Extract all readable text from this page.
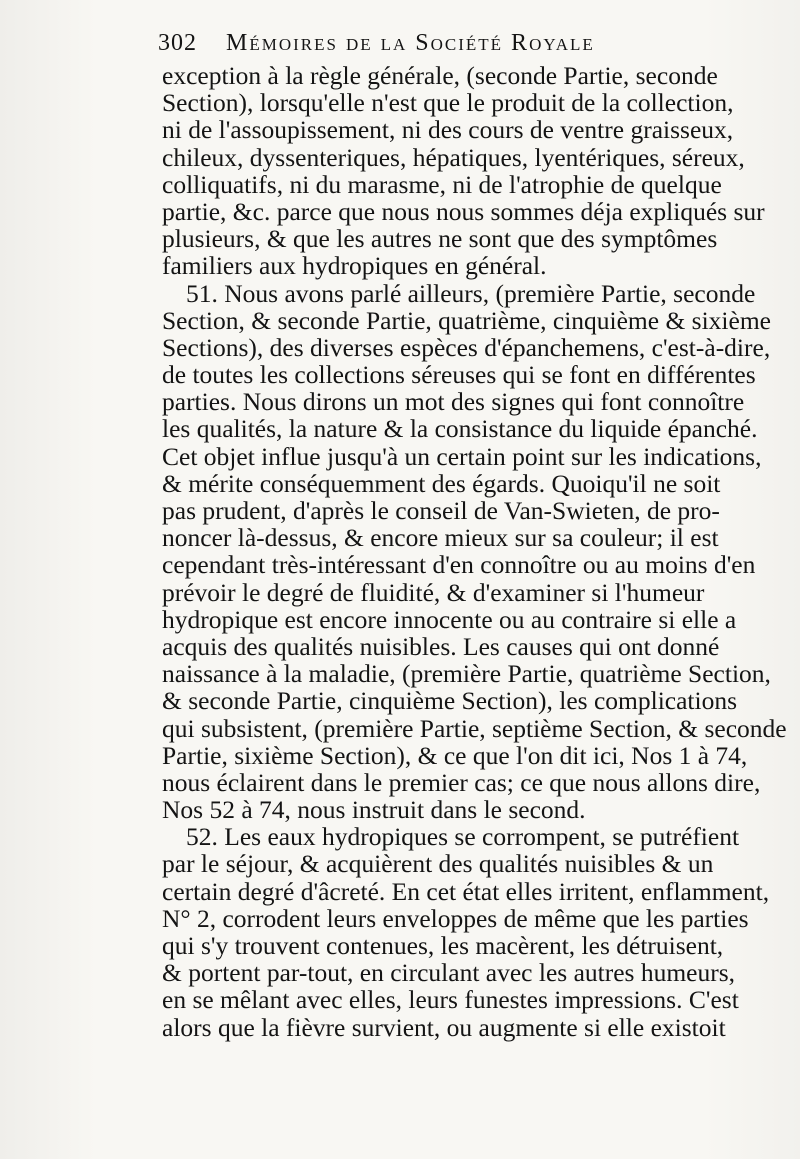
302 Mémoires de la Société Royale
exception à la règle générale, (seconde Partie, seconde
Section), lorsqu'elle n'est que le produit de la collection,
ni de l'assoupissement, ni des cours de ventre graisseux,
chileux, dyssenteriques, hépatiques, lyentériques, séreux,
colliquatifs, ni du marasme, ni de l'atrophie de quelque
partie, &c. parce que nous nous sommes déja expliqués sur
plusieurs, & que les autres ne sont que des symptômes
familiers aux hydropiques en général.
51. Nous avons parlé ailleurs, (première Partie, seconde
Section, & seconde Partie, quatrième, cinquième & sixième
Sections), des diverses espèces d'épanchemens, c'est-à-dire,
de toutes les collections séreuses qui se font en différentes
parties. Nous dirons un mot des signes qui font connoître
les qualités, la nature & la consistance du liquide épanché.
Cet objet influe jusqu'à un certain point sur les indications,
& mérite conséquemment des égards. Quoiqu'il ne soit
pas prudent, d'après le conseil de Van-Swieten, de pro-
noncer là-dessus, & encore mieux sur sa couleur; il est
cependant très-intéressant d'en connoître ou au moins d'en
prévoir le degré de fluidité, & d'examiner si l'humeur
hydropique est encore innocente ou au contraire si elle a
acquis des qualités nuisibles. Les causes qui ont donné
naissance à la maladie, (première Partie, quatrième Section,
& seconde Partie, cinquième Section), les complications
qui subsistent, (première Partie, septième Section, & seconde
Partie, sixième Section), & ce que l'on dit ici, Nos 1 à 74,
nous éclairent dans le premier cas; ce que nous allons dire,
Nos 52 à 74, nous instruit dans le second.
52. Les eaux hydropiques se corrompent, se putréfient
par le séjour, & acquièrent des qualités nuisibles & un
certain degré d'âcreté. En cet état elles irritent, enflamment,
N° 2, corrodent leurs enveloppes de même que les parties
qui s'y trouvent contenues, les macèrent, les détruisent,
& portent par-tout, en circulant avec les autres humeurs,
en se mêlant avec elles, leurs funestes impressions. C'est
alors que la fièvre survient, ou augmente si elle existoit
